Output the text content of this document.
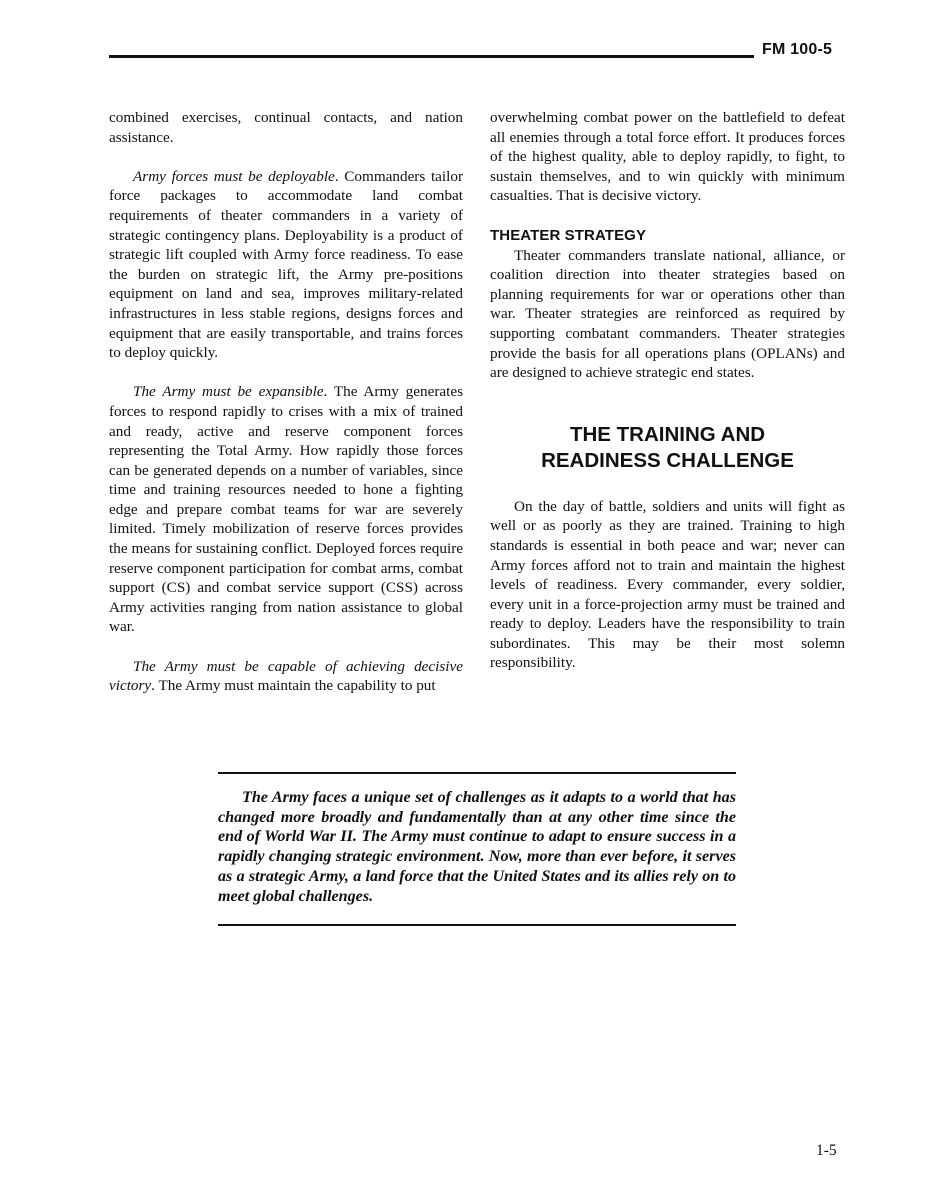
FM 100-5

combined exercises, continual contacts, and nation assistance.

Army forces must be deployable. Commanders tailor force packages to accommodate land combat requirements of theater commanders in a variety of strategic contingency plans. Deployability is a product of strategic lift coupled with Army force readiness. To ease the burden on strategic lift, the Army pre-positions equipment on land and sea, improves military-related infrastructures in less stable regions, designs forces and equipment that are easily transportable, and trains forces to deploy quickly.

The Army must be expansible. The Army generates forces to respond rapidly to crises with a mix of trained and ready, active and reserve component forces representing the Total Army. How rapidly those forces can be generated depends on a number of variables, since time and training resources needed to hone a fighting edge and prepare combat teams for war are severely limited. Timely mobilization of reserve forces provides the means for sustaining conflict. Deployed forces require reserve component participation for combat arms, combat support (CS) and combat service support (CSS) across Army activities ranging from nation assistance to global war.

The Army must be capable of achieving decisive victory. The Army must maintain the capability to put

overwhelming combat power on the battlefield to defeat all enemies through a total force effort. It produces forces of the highest quality, able to deploy rapidly, to fight, to sustain themselves, and to win quickly with minimum casualties. That is decisive victory.

THEATER STRATEGY

Theater commanders translate national, alliance, or coalition direction into theater strategies based on planning requirements for war or operations other than war. Theater strategies are reinforced as required by supporting combatant commanders. Theater strategies provide the basis for all operations plans (OPLANs) and are designed to achieve strategic end states.

THE TRAINING AND
READINESS CHALLENGE

On the day of battle, soldiers and units will fight as well or as poorly as they are trained. Training to high standards is essential in both peace and war; never can Army forces afford not to train and maintain the highest levels of readiness. Every commander, every soldier, every unit in a force-projection army must be trained and ready to deploy. Leaders have the responsibility to train subordinates. This may be their most solemn responsibility.

The Army faces a unique set of challenges as it adapts to a world that has changed more broadly and fundamentally than at any other time since the end of World War II. The Army must continue to adapt to ensure success in a rapidly changing strategic environment. Now, more than ever before, it serves as a strategic Army, a land force that the United States and its allies rely on to meet global challenges.

1-5
